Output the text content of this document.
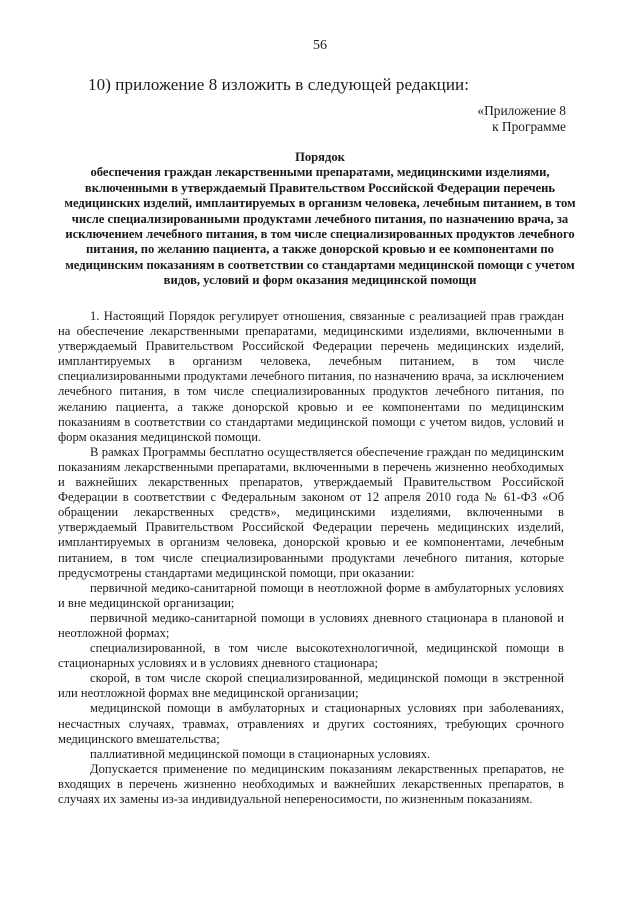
56
10) приложение 8 изложить в следующей редакции:
«Приложение 8
к Программе
Порядок
обеспечения граждан лекарственными препаратами, медицинскими изделиями, включенными в утверждаемый Правительством Российской Федерации перечень медицинских изделий, имплантируемых в организм человека, лечебным питанием, в том числе специализированными продуктами лечебного питания, по назначению врача, за исключением лечебного питания, в том числе специализированных продуктов лечебного питания, по желанию пациента, а также донорской кровью и ее компонентами по медицинским показаниям в соответствии со стандартами медицинской помощи с учетом видов, условий и форм оказания медицинской помощи

1. Настоящий Порядок регулирует отношения, связанные с реализацией прав граждан на обеспечение лекарственными препаратами, медицинскими изделиями, включенными в утверждаемый Правительством Российской Федерации перечень медицинских изделий, имплантируемых в организм человека, лечебным питанием, в том числе специализированными продуктами лечебного питания, по назначению врача, за исключением лечебного питания, в том числе специализированных продуктов лечебного питания, по желанию пациента, а также донорской кровью и ее компонентами по медицинским показаниям в соответствии со стандартами медицинской помощи с учетом видов, условий и форм оказания медицинской помощи.

В рамках Программы бесплатно осуществляется обеспечение граждан по медицинским показаниям лекарственными препаратами, включенными в перечень жизненно необходимых и важнейших лекарственных препаратов, утверждаемый Правительством Российской Федерации в соответствии с Федеральным законом от 12 апреля 2010 года № 61-ФЗ «Об обращении лекарственных средств», медицинскими изделиями, включенными в утверждаемый Правительством Российской Федерации перечень медицинских изделий, имплантируемых в организм человека, донорской кровью и ее компонентами, лечебным питанием, в том числе специализированными продуктами лечебного питания, которые предусмотрены стандартами медицинской помощи, при оказании:

первичной медико-санитарной помощи в неотложной форме в амбулаторных условиях и вне медицинской организации;

первичной медико-санитарной помощи в условиях дневного стационара в плановой и неотложной формах;

специализированной, в том числе высокотехнологичной, медицинской помощи в стационарных условиях и в условиях дневного стационара;

скорой, в том числе скорой специализированной, медицинской помощи в экстренной или неотложной формах вне медицинской организации;

медицинской помощи в амбулаторных и стационарных условиях при заболеваниях, несчастных случаях, травмах, отравлениях и других состояниях, требующих срочного медицинского вмешательства;

паллиативной медицинской помощи в стационарных условиях.

Допускается применение по медицинским показаниям лекарственных препаратов, не входящих в перечень жизненно необходимых и важнейших лекарственных препаратов, в случаях их замены из-за индивидуальной непереносимости, по жизненным показаниям.
